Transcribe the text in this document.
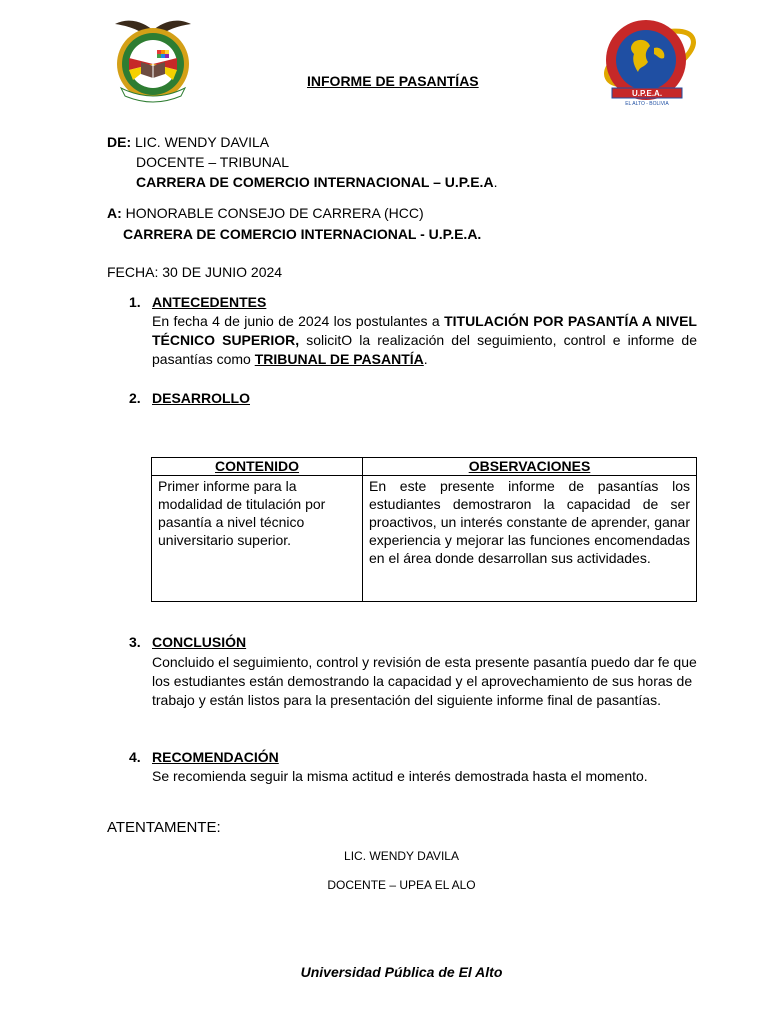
U.P.E.A.
EL ALTO - BOLIVIA
INFORME DE PASANTÍAS
DE: LIC. WENDY DAVILA
DOCENTE – TRIBUNAL
CARRERA DE COMERCIO INTERNACIONAL – U.P.E.A.
A: HONORABLE CONSEJO DE CARRERA (HCC)
CARRERA DE COMERCIO INTERNACIONAL - U.P.E.A.
FECHA: 30 DE JUNIO 2024
1. ANTECEDENTES
En fecha 4 de junio de 2024 los postulantes a TITULACIÓN POR PASANTÍA A NIVEL TÉCNICO SUPERIOR, solicitO la realización del seguimiento, control e informe de pasantías como TRIBUNAL DE PASANTÍA.
2. DESARROLLO
CONTENIDO	OBSERVACIONES
Primer informe para la modalidad de titulación por pasantía a nivel técnico universitario superior.	En este presente informe de pasantías los estudiantes demostraron la capacidad de ser proactivos, un interés constante de aprender, ganar experiencia y mejorar las funciones encomendadas en el área donde desarrollan sus actividades.
3. CONCLUSIÓN
Concluido el seguimiento, control y revisión de esta presente pasantía puedo dar fe que los estudiantes están demostrando la capacidad y el aprovechamiento de sus horas de trabajo y están listos para la presentación del siguiente informe final de pasantías.
4. RECOMENDACIÓN
Se recomienda seguir la misma actitud e interés demostrada hasta el momento.
ATENTAMENTE:
LIC. WENDY DAVILA
DOCENTE – UPEA EL ALO
Universidad Pública de El Alto
